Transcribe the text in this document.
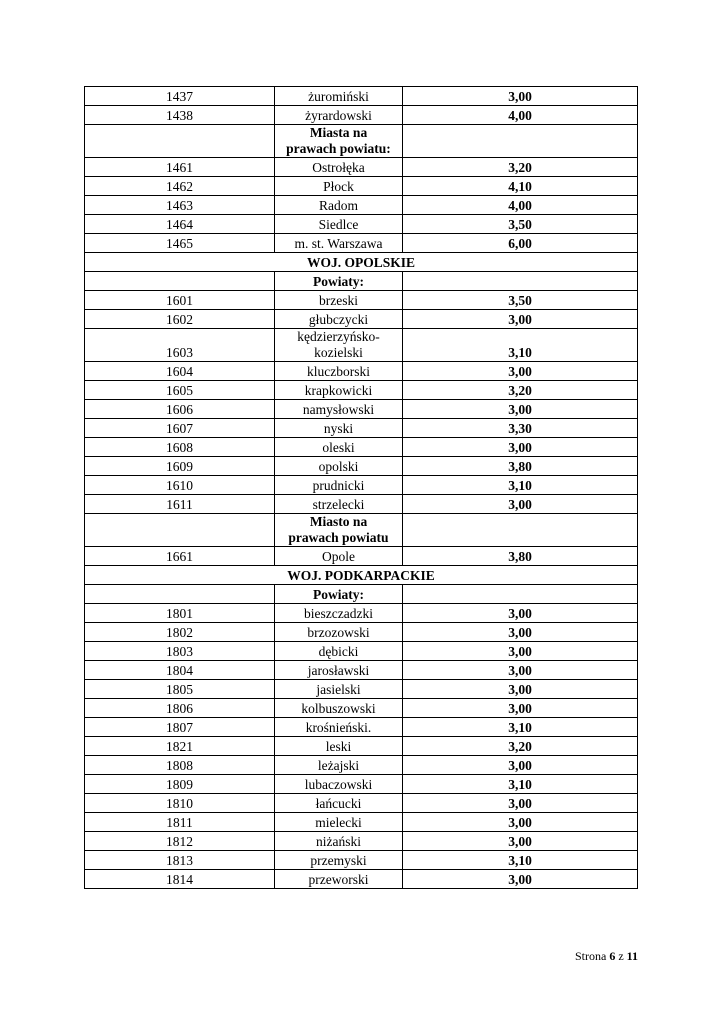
1437	żuromiński	3,00
1438	żyrardowski	4,00

	Miasta na
prawach powiatu:	

1461	Ostrołęka	3,20
1462	Płock	4,10
1463	Radom	4,00
1464	Siedlce	3,50
1465	m. st. Warszawa	6,00
WOJ. OPOLSKIE		

	Powiaty:	

1601	brzeski	3,50
1602	głubczycki	3,00
1603	kędzierzyńsko-
kozielski	3,10
1604	kluczborski	3,00
1605	krapkowicki	3,20
1606	namysłowski	3,00
1607	nyski	3,30
1608	oleski	3,00
1609	opolski	3,80
1610	prudnicki	3,10
1611	strzelecki	3,00

	Miasto na
prawach powiatu	

1661	Opole	3,80
WOJ. PODKARPACKIE		

	Powiaty:	

1801	bieszczadzki	3,00
1802	brzozowski	3,00
1803	dębicki	3,00
1804	jarosławski	3,00
1805	jasielski	3,00
1806	kolbuszowski	3,00
1807	krośnieński.	3,10
1821	leski	3,20
1808	leżajski	3,00
1809	lubaczowski	3,10
1810	łańcucki	3,00
1811	mielecki	3,00
1812	niżański	3,00
1813	przemyski	3,10
1814	przeworski	3,00
Strona 6 z 11
